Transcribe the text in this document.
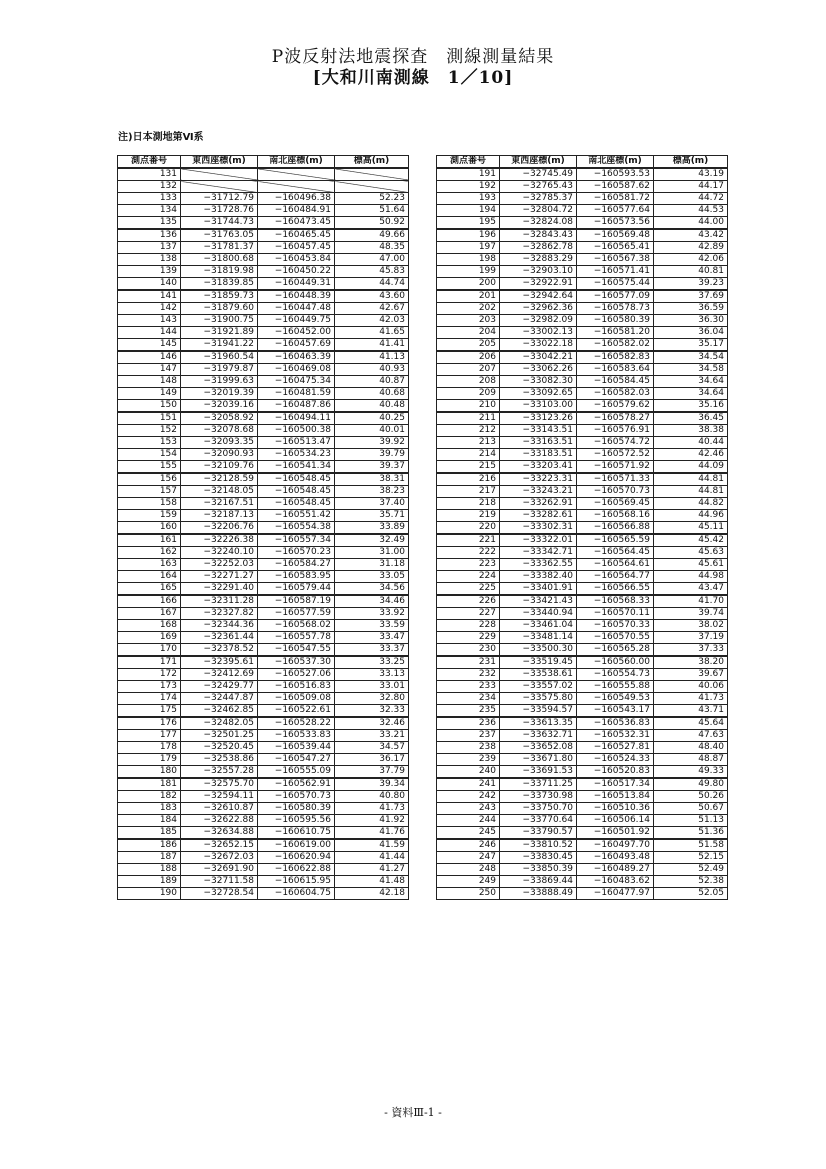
P波反射法地震探査　測線測量結果
[大和川南測線　1／10]
注)日本測地第Ⅵ系
測点番号	東西座標(m)	南北座標(m)	標高(m)
131			
132			
133	−31712.79	−160496.38	52.23
134	−31728.76	−160484.91	51.64
135	−31744.73	−160473.45	50.92
136	−31763.05	−160465.45	49.66
137	−31781.37	−160457.45	48.35
138	−31800.68	−160453.84	47.00
139	−31819.98	−160450.22	45.83
140	−31839.85	−160449.31	44.74
141	−31859.73	−160448.39	43.60
142	−31879.60	−160447.48	42.67
143	−31900.75	−160449.75	42.03
144	−31921.89	−160452.00	41.65
145	−31941.22	−160457.69	41.41
146	−31960.54	−160463.39	41.13
147	−31979.87	−160469.08	40.93
148	−31999.63	−160475.34	40.87
149	−32019.39	−160481.59	40.68
150	−32039.16	−160487.86	40.48
151	−32058.92	−160494.11	40.25
152	−32078.68	−160500.38	40.01
153	−32093.35	−160513.47	39.92
154	−32090.93	−160534.23	39.79
155	−32109.76	−160541.34	39.37
156	−32128.59	−160548.45	38.31
157	−32148.05	−160548.45	38.23
158	−32167.51	−160548.45	37.40
159	−32187.13	−160551.42	35.71
160	−32206.76	−160554.38	33.89
161	−32226.38	−160557.34	32.49
162	−32240.10	−160570.23	31.00
163	−32252.03	−160584.27	31.18
164	−32271.27	−160583.95	33.05
165	−32291.40	−160579.44	34.56
166	−32311.28	−160587.19	34.46
167	−32327.82	−160577.59	33.92
168	−32344.36	−160568.02	33.59
169	−32361.44	−160557.78	33.47
170	−32378.52	−160547.55	33.37
171	−32395.61	−160537.30	33.25
172	−32412.69	−160527.06	33.13
173	−32429.77	−160516.83	33.01
174	−32447.87	−160509.08	32.80
175	−32462.85	−160522.61	32.33
176	−32482.05	−160528.22	32.46
177	−32501.25	−160533.83	33.21
178	−32520.45	−160539.44	34.57
179	−32538.86	−160547.27	36.17
180	−32557.28	−160555.09	37.79
181	−32575.70	−160562.91	39.34
182	−32594.11	−160570.73	40.80
183	−32610.87	−160580.39	41.73
184	−32622.88	−160595.56	41.92
185	−32634.88	−160610.75	41.76
186	−32652.15	−160619.00	41.59
187	−32672.03	−160620.94	41.44
188	−32691.90	−160622.88	41.27
189	−32711.58	−160615.95	41.48
190	−32728.54	−160604.75	42.18
測点番号	東西座標(m)	南北座標(m)	標高(m)
191	−32745.49	−160593.53	43.19
192	−32765.43	−160587.62	44.17
193	−32785.37	−160581.72	44.72
194	−32804.72	−160577.64	44.53
195	−32824.08	−160573.56	44.00
196	−32843.43	−160569.48	43.42
197	−32862.78	−160565.41	42.89
198	−32883.29	−160567.38	42.06
199	−32903.10	−160571.41	40.81
200	−32922.91	−160575.44	39.23
201	−32942.64	−160577.09	37.69
202	−32962.36	−160578.73	36.59
203	−32982.09	−160580.39	36.30
204	−33002.13	−160581.20	36.04
205	−33022.18	−160582.02	35.17
206	−33042.21	−160582.83	34.54
207	−33062.26	−160583.64	34.58
208	−33082.30	−160584.45	34.64
209	−33092.65	−160582.03	34.64
210	−33103.00	−160579.62	35.16
211	−33123.26	−160578.27	36.45
212	−33143.51	−160576.91	38.38
213	−33163.51	−160574.72	40.44
214	−33183.51	−160572.52	42.46
215	−33203.41	−160571.92	44.09
216	−33223.31	−160571.33	44.81
217	−33243.21	−160570.73	44.81
218	−33262.91	−160569.45	44.82
219	−33282.61	−160568.16	44.96
220	−33302.31	−160566.88	45.11
221	−33322.01	−160565.59	45.42
222	−33342.71	−160564.45	45.63
223	−33362.55	−160564.61	45.61
224	−33382.40	−160564.77	44.98
225	−33401.91	−160566.55	43.47
226	−33421.43	−160568.33	41.70
227	−33440.94	−160570.11	39.74
228	−33461.04	−160570.33	38.02
229	−33481.14	−160570.55	37.19
230	−33500.30	−160565.28	37.33
231	−33519.45	−160560.00	38.20
232	−33538.61	−160554.73	39.67
233	−33557.02	−160555.88	40.06
234	−33575.80	−160549.53	41.73
235	−33594.57	−160543.17	43.71
236	−33613.35	−160536.83	45.64
237	−33632.71	−160532.31	47.63
238	−33652.08	−160527.81	48.40
239	−33671.80	−160524.33	48.87
240	−33691.53	−160520.83	49.33
241	−33711.25	−160517.34	49.80
242	−33730.98	−160513.84	50.26
243	−33750.70	−160510.36	50.67
244	−33770.64	−160506.14	51.13
245	−33790.57	−160501.92	51.36
246	−33810.52	−160497.70	51.58
247	−33830.45	−160493.48	52.15
248	−33850.39	−160489.27	52.49
249	−33869.44	−160483.62	52.38
250	−33888.49	−160477.97	52.05
- 資料Ⅲ-1 -
